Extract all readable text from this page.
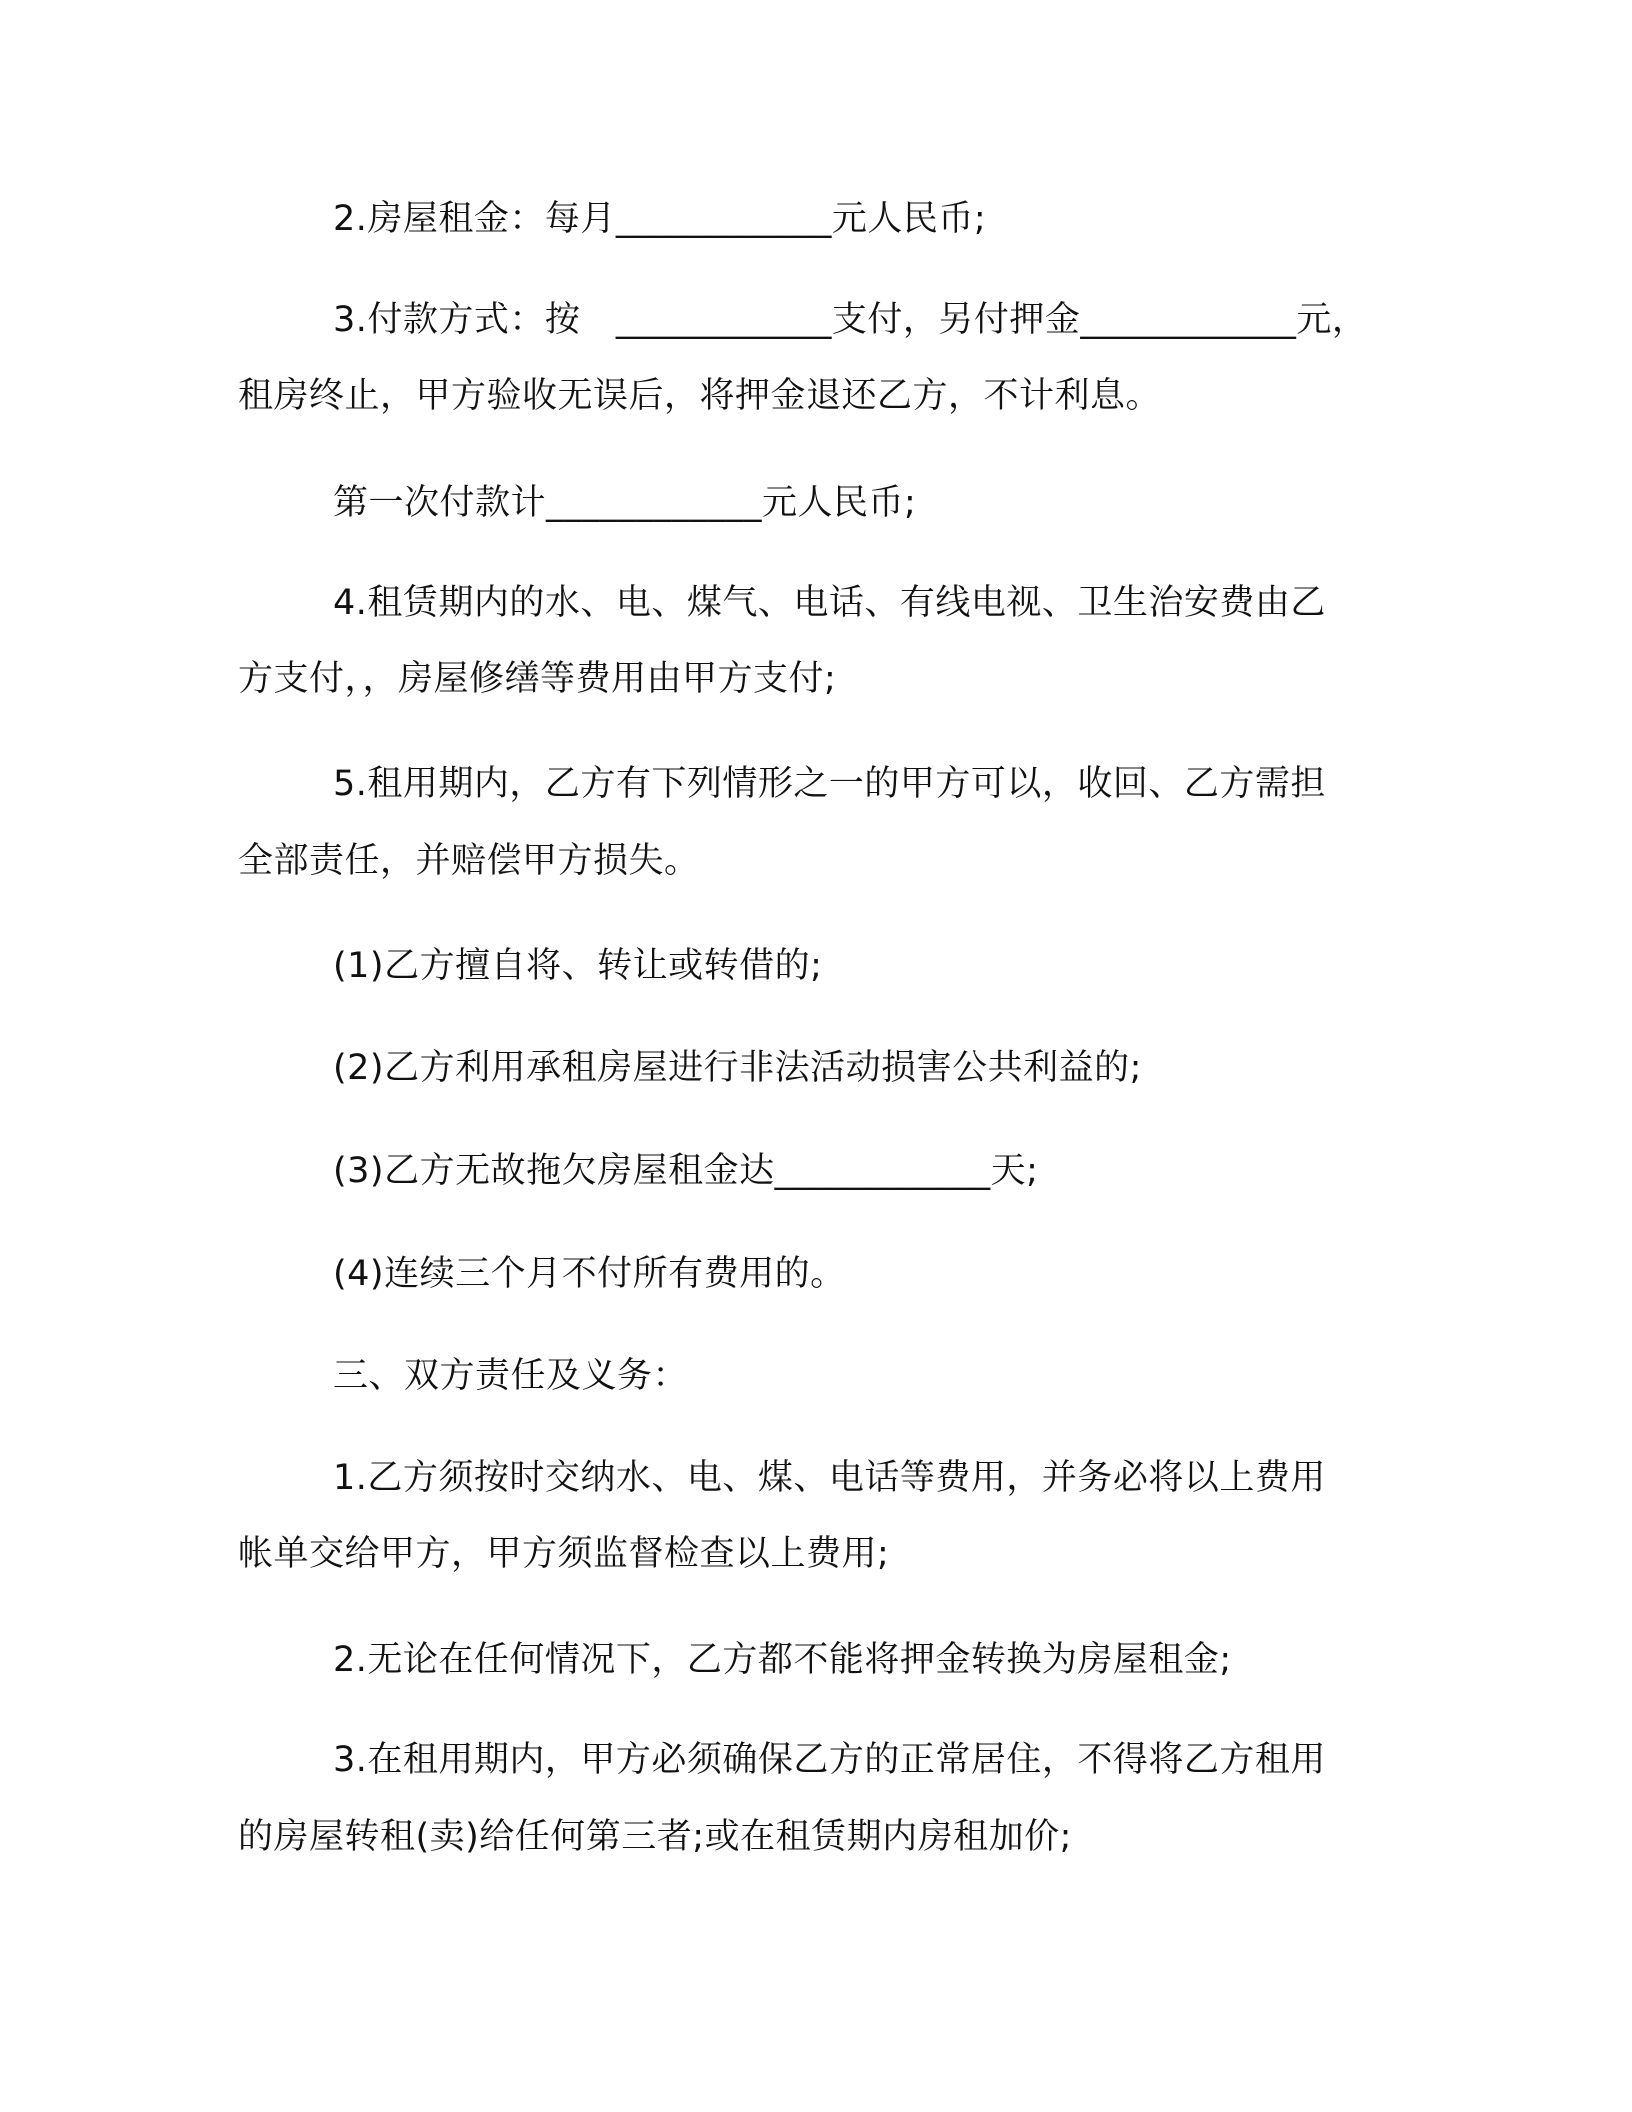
2.房屋租金：每月____________元人民币;
3.付款方式：按　____________支付，另付押金____________元，
租房终止，甲方验收无误后，将押金退还乙方，不计利息。
第一次付款计____________元人民币;
4.租赁期内的水、电、煤气、电话、有线电视、卫生治安费由乙
方支付，，房屋修缮等费用由甲方支付;
5.租用期内，乙方有下列情形之一的甲方可以，收回、乙方需担
全部责任，并赔偿甲方损失。
(1)乙方擅自将、转让或转借的;
(2)乙方利用承租房屋进行非法活动损害公共利益的;
(3)乙方无故拖欠房屋租金达____________天;
(4)连续三个月不付所有费用的。
三、双方责任及义务：
1.乙方须按时交纳水、电、煤、电话等费用，并务必将以上费用
帐单交给甲方，甲方须监督检查以上费用;
2.无论在任何情况下，乙方都不能将押金转换为房屋租金;
3.在租用期内，甲方必须确保乙方的正常居住，不得将乙方租用
的房屋转租(卖)给任何第三者;或在租赁期内房租加价;
